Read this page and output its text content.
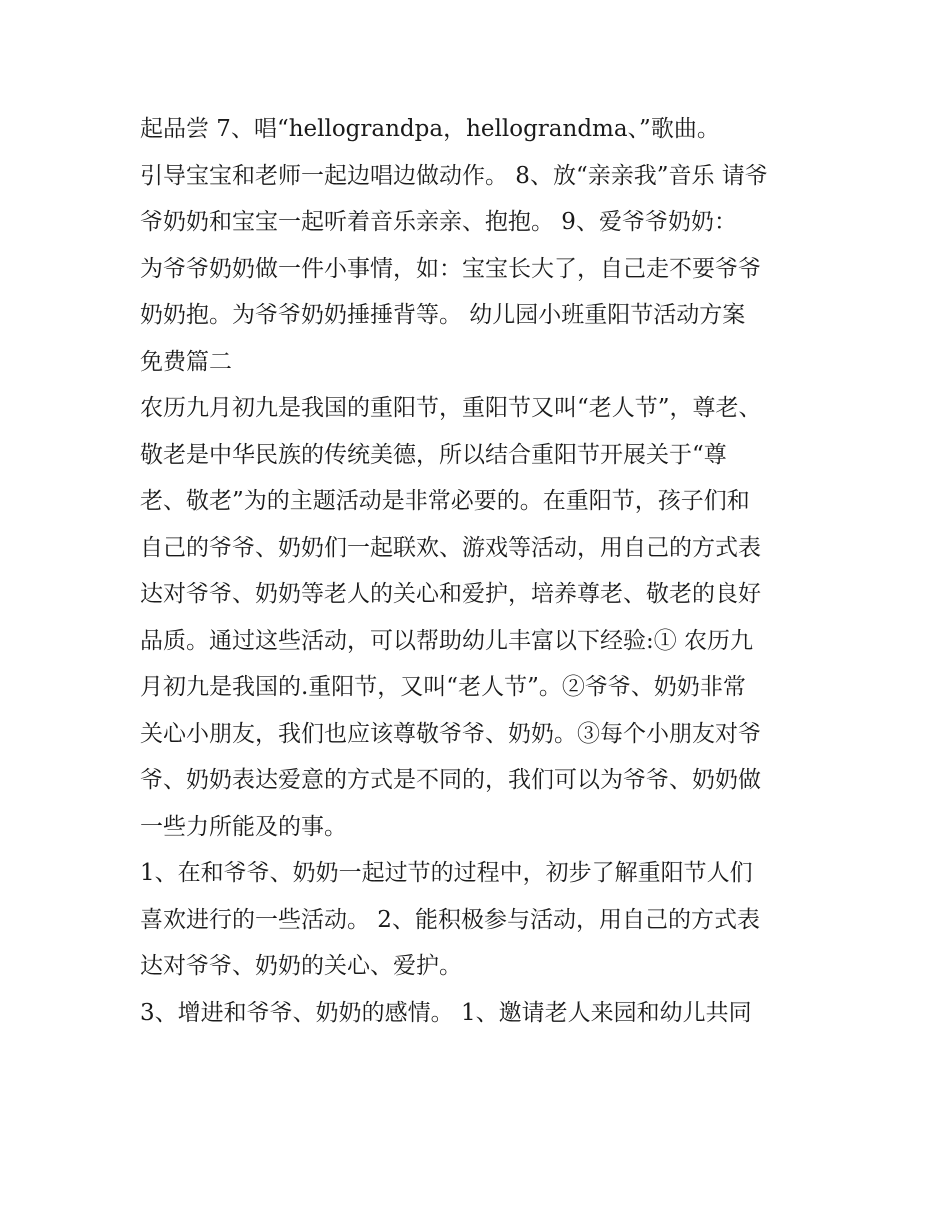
起品尝 7、唱“hellograndpa，hellograndma、”歌曲。
引导宝宝和老师一起边唱边做动作。 8、放“亲亲我”音乐 请爷
爷奶奶和宝宝一起听着音乐亲亲、抱抱。 9、爱爷爷奶奶：
为爷爷奶奶做一件小事情，如：宝宝长大了，自己走不要爷爷
奶奶抱。为爷爷奶奶捶捶背等。 幼儿园小班重阳节活动方案
免费篇二
农历九月初九是我国的重阳节，重阳节又叫“老人节”，尊老、
敬老是中华民族的传统美德，所以结合重阳节开展关于“尊
老、敬老”为的主题活动是非常必要的。在重阳节，孩子们和
自己的爷爷、奶奶们一起联欢、游戏等活动，用自己的方式表
达对爷爷、奶奶等老人的关心和爱护，培养尊老、敬老的良好
品质。通过这些活动，可以帮助幼儿丰富以下经验:① 农历九
月初九是我国的.重阳节，又叫“老人节”。②爷爷、奶奶非常
关心小朋友，我们也应该尊敬爷爷、奶奶。③每个小朋友对爷
爷、奶奶表达爱意的方式是不同的，我们可以为爷爷、奶奶做
一些力所能及的事。
1、在和爷爷、奶奶一起过节的过程中，初步了解重阳节人们
喜欢进行的一些活动。 2、能积极参与活动，用自己的方式表
达对爷爷、奶奶的关心、爱护。
3、增进和爷爷、奶奶的感情。 1、邀请老人来园和幼儿共同
